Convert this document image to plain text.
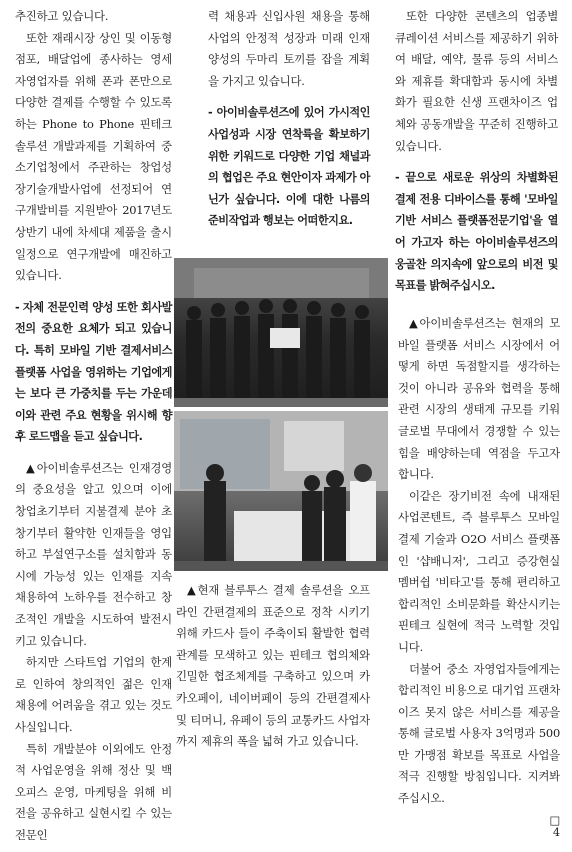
추진하고 있습니다.

또한 재래시장 상인 및 이동형 점포, 배달업에 종사하는 영세 자영업자를 위해 폰과 폰만으로 다양한 결제를 수행할 수 있도록 하는 Phone to Phone 핀테크 솔루션 개발과제를 기획하여 중소기업청에서 주관하는 창업성장기술개발사업에 선정되어 연구개발비를 지원받아 2017년도 상반기 내에 차세대 제품을 출시 일정으로 연구개발에 매진하고 있습니다.

- 자체 전문인력 양성 또한 회사발전의 중요한 요체가 되고 있습니다. 특히 모바일 기반 결제서비스 플랫폼 사업을 영위하는 기업에게는 보다 큰 가중치를 두는 가운데 이와 관련 주요 현황을 위시해 향후 로드맵을 듣고 싶습니다.

▲아이비솔루션즈는 인재경영의 중요성을 알고 있으며 이에 창업초기부터 지불결제 분야 초창기부터 활약한 인재들을 영입하고 부설연구소를 설치함과 동시에 가능성 있는 인재를 지속 채용하여 노하우를 전수하고 창조적인 개발을 시도하여 발전시키고 있습니다.

하지만 스타트업 기업의 한계로 인하여 창의적인 젊은 인재 채용에 어려움을 겪고 있는 것도 사실입니다.

특히 개발분야 이외에도 안정적 사업운영을 위해 정산 및 백오피스 운영, 마케팅을 위해 비전을 공유하고 실현시킬 수 있는 전문인

력 채용과 신입사원 채용을 통해 사업의 안정적 성장과 미래 인재 양성의 두마리 토끼를 잡을 계획을 가지고 있습니다.

- 아이비솔루션즈에 있어 가시적인 사업성과 시장 연착륙을 확보하기 위한 키워드로 다양한 기업 채널과의 협업은 주요 현안이자 과제가 아닌가 싶습니다. 이에 대한 나름의 준비작업과 행보는 어떠한지요.

▲현재 블루투스 결제 솔루션을 오프라인 간편결제의 표준으로 정착 시키기 위해 카드사 들이 주축이되 활발한 협력관계를 모색하고 있는 핀테크 협의체와 긴밀한 협조체계를 구축하고 있으며 카카오페이, 네이버페이 등의 간편결제사 및 티머니, 유페이 등의 교통카드 사업자까지 제휴의 폭을 넓혀 가고 있습니다.

또한 다양한 콘텐츠의 업종별 큐레이션 서비스를 제공하기 위하여 배달, 예약, 물류 등의 서비스와 제휴를 확대함과 동시에 차별화가 필요한 신생 프랜차이즈 업체와 공동개발을 꾸준히 진행하고 있습니다.

- 끝으로 새로운 위상의 차별화된 결제 전용 디바이스를 통해 '모바일 기반 서비스 플랫폼전문기업'을 열어 가고자 하는 아이비솔루션즈의 웅골찬 의지속에 앞으로의 비전 및 목표를 밝혀주십시오.

▲아이비솔루션즈는 현재의 모바일 플랫폼 서비스 시장에서 어떻게 하면 독점할지를 생각하는 것이 아니라 공유와 협력을 통해 관련 시장의 생태계 규모를 키워 글로벌 무대에서 경쟁할 수 있는 힘을 배양하는데 역점을 두고자 합니다.

이같은 장기비전 속에 내재된 사업콘텐트, 즉 블루투스 모바일 결제 기술과 O2O 서비스 플랫폼인 '샵배니저', 그리고 증강현실 멤버쉽 '비타고'를 통해 편리하고 합리적인 소비문화를 확산시키는 핀테크 실현에 적극 노력할 것입니다.

더불어 중소 자영업자들에게는 합리적인 비용으로 대기업 프랜차이즈 못지 않은 서비스를 제공을 통해 글로벌 사용자 3억명과 500만 가맹점 확보를 목표로 사업을 적극 진행할 방침입니다. 지켜봐주십시오.

□

4
